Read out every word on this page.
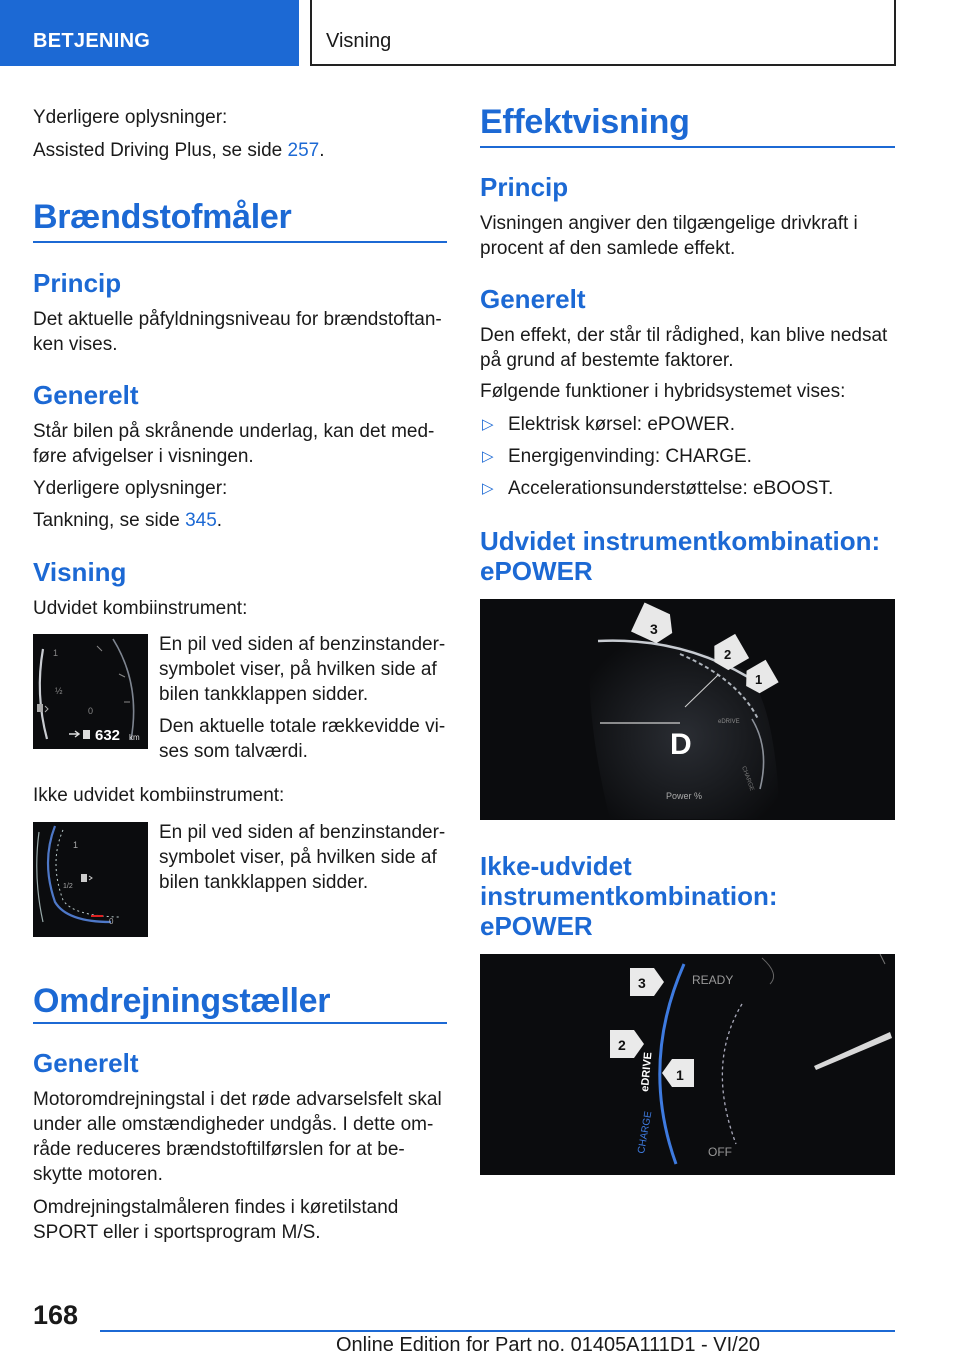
BETJENING	Visning

Yderligere oplysninger:

Assisted Driving Plus, se side 257.

Brændstofmåler
Princip

Det aktuelle påfyldningsniveau for brændstoftan-ken vises.

Generelt

Står bilen på skrånende underlag, kan det med-føre afvigelser i visningen.

Yderligere oplysninger:

Tankning, se side 345.

Visning

Udvidet kombiinstrument:

1
½
0
632 km

En pil ved siden af benzinstander-symbolet viser, på hvilken side af bilen tankklappen sidder.

Den aktuelle totale rækkevidde vi-ses som talværdi.

Ikke udvidet kombiinstrument:

1
1/2
0

En pil ved siden af benzinstander-symbolet viser, på hvilken side af bilen tankklappen sidder.

Omdrejningstæller
Generelt

Motoromdrejningstal i det røde advarselsfelt skal under alle omstændigheder undgås. I dette om-råde reduceres brændstoftilførslen for at be-skytte motoren.

Omdrejningstalmåleren findes i køretilstand SPORT eller i sportsprogram M/S.

Effektvisning
Princip

Visningen angiver den tilgængelige drivkraft i procent af den samlede effekt.

Generelt

Den effekt, der står til rådighed, kan blive nedsat på grund af bestemte faktorer.

Følgende funktioner i hybridsystemet vises:

▷ Elektrisk kørsel: ePOWER.
▷ Energigenvinding: CHARGE.
▷ Accelerationsunderstøttelse: eBOOST.
Udvidet instrumentkombination: ePOWER
D
Power %
eDRIVE
CHARGE
3
2
1
Ikke-udvidet instrumentkombination: ePOWER
READY
OFF
eDRIVE
CHARGE
3
2
1
168
Online Edition for Part no. 01405A111D1 - VI/20
